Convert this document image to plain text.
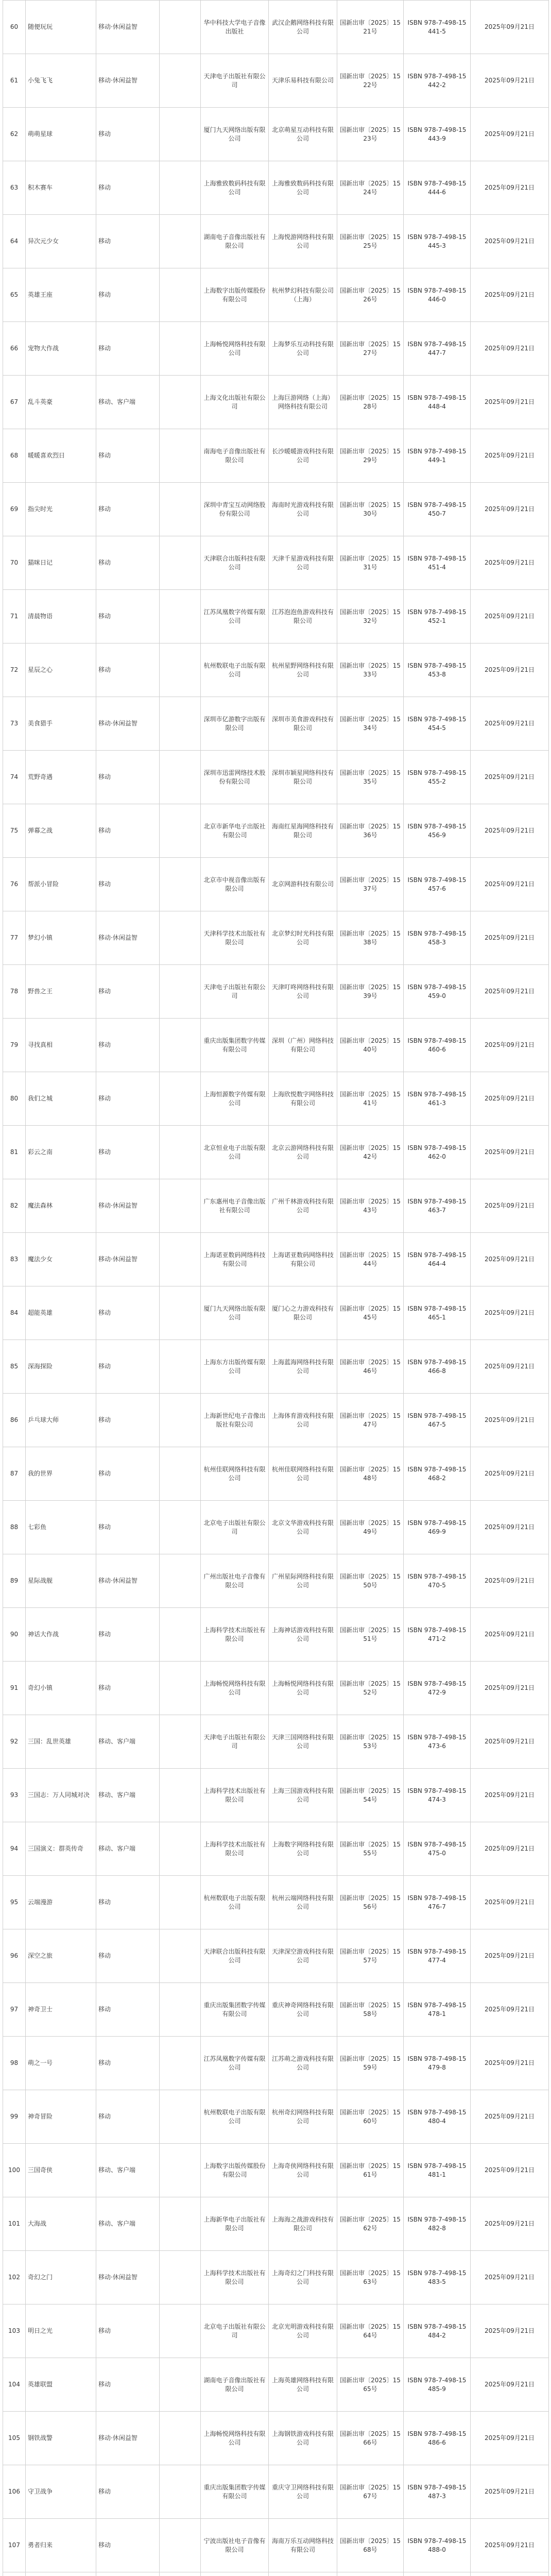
60	随便玩玩	移动·休闲益智		华中科技大学电子音像出版社	武汉企鹅网络科技有限公司	国新出审〔2025〕1521号	ISBN 978-7-498-15441-5	2025年09月21日
61	小兔飞飞	移动·休闲益智		天津电子出版社有限公司	天津乐易科技有限公司	国新出审〔2025〕1522号	ISBN 978-7-498-15442-2	2025年09月21日
62	萌萌星球	移动		厦门九天网络出版有限公司	北京萌星互动科技有限公司	国新出审〔2025〕1523号	ISBN 978-7-498-15443-9	2025年09月21日
63	积木赛车	移动		上海雅致数码科技有限公司	上海雅致数码科技有限公司	国新出审〔2025〕1524号	ISBN 978-7-498-15444-6	2025年09月21日
64	异次元少女	移动		湖南电子音像出版社有限公司	上海悦游网络科技有限公司	国新出审〔2025〕1525号	ISBN 978-7-498-15445-3	2025年09月21日
65	英雄王座	移动		上海数字出版传媒股份有限公司	杭州梦幻科技有限公司（上海）	国新出审〔2025〕1526号	ISBN 978-7-498-15446-0	2025年09月21日
66	宠物大作战	移动		上海畅悦网络科技有限公司	上海梦乐互动科技有限公司	国新出审〔2025〕1527号	ISBN 978-7-498-15447-7	2025年09月21日
67	乱斗英豪	移动、客户端		上海文化出版社有限公司	上海巨游网络（上海）网络科技有限公司	国新出审〔2025〕1528号	ISBN 978-7-498-15448-4	2025年09月21日
68	暖暖喜欢烈日	移动		南海电子音像出版社有限公司	长沙暖暖游戏科技有限公司	国新出审〔2025〕1529号	ISBN 978-7-498-15449-1	2025年09月21日
69	指尖时光	移动		深圳中青宝互动网络股份有限公司	海南时光游戏科技有限公司	国新出审〔2025〕1530号	ISBN 978-7-498-15450-7	2025年09月21日
70	猫咪日记	移动		天津联合出版科技有限公司	天津千星游戏科技有限公司	国新出审〔2025〕1531号	ISBN 978-7-498-15451-4	2025年09月21日
71	清晨物语	移动		江苏凤凰数字传媒有限公司	江苏泡泡鱼游戏科技有限公司	国新出审〔2025〕1532号	ISBN 978-7-498-15452-1	2025年09月21日
72	星辰之心	移动		杭州数联电子出版有限公司	杭州星野网络科技有限公司	国新出审〔2025〕1533号	ISBN 978-7-498-15453-8	2025年09月21日
73	美食猎手	移动·休闲益智		深圳市亿游数字出版有限公司	深圳市美食游戏科技有限公司	国新出审〔2025〕1534号	ISBN 978-7-498-15454-5	2025年09月21日
74	荒野奇遇	移动		深圳市迅雷网络技术股份有限公司	深圳市颖星网络科技有限公司	国新出审〔2025〕1535号	ISBN 978-7-498-15455-2	2025年09月21日
75	弹幕之战	移动		北京市新华电子出版社有限公司	海南红星海网络科技有限公司	国新出审〔2025〕1536号	ISBN 978-7-498-15456-9	2025年09月21日
76	帮派小冒险	移动		北京市中视音像出版有限公司	北京网游科技有限公司	国新出审〔2025〕1537号	ISBN 978-7-498-15457-6	2025年09月21日
77	梦幻小镇	移动·休闲益智		天津科学技术出版社有限公司	北京梦幻时光科技有限公司	国新出审〔2025〕1538号	ISBN 978-7-498-15458-3	2025年09月21日
78	野兽之王	移动		天津电子出版社有限公司	天津叮咚网络科技有限公司	国新出审〔2025〕1539号	ISBN 978-7-498-15459-0	2025年09月21日
79	寻找真相	移动		重庆出版集团数字传媒有限公司	深圳（广州）网络科技有限公司	国新出审〔2025〕1540号	ISBN 978-7-498-15460-6	2025年09月21日
80	我们之城	移动		上海恒源数字传媒有限公司	上海欣悦数字网络科技有限公司	国新出审〔2025〕1541号	ISBN 978-7-498-15461-3	2025年09月21日
81	彩云之南	移动		北京恒业电子出版有限公司	北京云游网络科技有限公司	国新出审〔2025〕1542号	ISBN 978-7-498-15462-0	2025年09月21日
82	魔法森林	移动·休闲益智		广东惠州电子音像出版社有限公司	广州千林游戏科技有限公司	国新出审〔2025〕1543号	ISBN 978-7-498-15463-7	2025年09月21日
83	魔法少女	移动·休闲益智		上海诺亚数码网络科技有限公司	上海诺亚数码网络科技有限公司	国新出审〔2025〕1544号	ISBN 978-7-498-15464-4	2025年09月21日
84	超能英雄	移动		厦门九天网络出版有限公司	厦门心之力游戏科技有限公司	国新出审〔2025〕1545号	ISBN 978-7-498-15465-1	2025年09月21日
85	深海探险	移动		上海东方出版传媒有限公司	上海蓝海网络科技有限公司	国新出审〔2025〕1546号	ISBN 978-7-498-15466-8	2025年09月21日
86	乒乓球大师	移动		上海新世纪电子音像出版社有限公司	上海体育游戏科技有限公司	国新出审〔2025〕1547号	ISBN 978-7-498-15467-5	2025年09月21日
87	我的世界	移动		杭州佳联网络科技有限公司	杭州佳联网络科技有限公司	国新出审〔2025〕1548号	ISBN 978-7-498-15468-2	2025年09月21日
88	七彩鱼	移动		北京电子出版社有限公司	北京文华游戏科技有限公司	国新出审〔2025〕1549号	ISBN 978-7-498-15469-9	2025年09月21日
89	星际战舰	移动·休闲益智		广州出版社电子音像有限公司	广州星际网络科技有限公司	国新出审〔2025〕1550号	ISBN 978-7-498-15470-5	2025年09月21日
90	神话大作战	移动		上海科学技术出版社有限公司	上海神话游戏科技有限公司	国新出审〔2025〕1551号	ISBN 978-7-498-15471-2	2025年09月21日
91	奇幻小镇	移动		上海畅悦网络科技有限公司	上海畅悦网络科技有限公司	国新出审〔2025〕1552号	ISBN 978-7-498-15472-9	2025年09月21日
92	三国：乱世英雄	移动、客户端		天津电子出版社有限公司	天津三国网络科技有限公司	国新出审〔2025〕1553号	ISBN 978-7-498-15473-6	2025年09月21日
93	三国志：万人同城对决	移动、客户端		上海科学技术出版社有限公司	上海三国游戏科技有限公司	国新出审〔2025〕1554号	ISBN 978-7-498-15474-3	2025年09月21日
94	三国演义：群英传奇	移动、客户端		上海科学技术出版社有限公司	上海数字网络科技有限公司	国新出审〔2025〕1555号	ISBN 978-7-498-15475-0	2025年09月21日
95	云端漫游	移动		杭州数联电子出版有限公司	杭州云端网络科技有限公司	国新出审〔2025〕1556号	ISBN 978-7-498-15476-7	2025年09月21日
96	深空之旅	移动		天津联合出版科技有限公司	天津深空游戏科技有限公司	国新出审〔2025〕1557号	ISBN 978-7-498-15477-4	2025年09月21日
97	神奇卫士	移动		重庆出版集团数字传媒有限公司	重庆神奇网络科技有限公司	国新出审〔2025〕1558号	ISBN 978-7-498-15478-1	2025年09月21日
98	萌之一号	移动		江苏凤凰数字传媒有限公司	江苏萌之游戏科技有限公司	国新出审〔2025〕1559号	ISBN 978-7-498-15479-8	2025年09月21日
99	神奇冒险	移动		杭州数联电子出版有限公司	杭州奇幻网络科技有限公司	国新出审〔2025〕1560号	ISBN 978-7-498-15480-4	2025年09月21日
100	三国奇侠	移动、客户端		上海数字出版传媒股份有限公司	上海奇侠网络科技有限公司	国新出审〔2025〕1561号	ISBN 978-7-498-15481-1	2025年09月21日
101	大海战	移动、客户端		上海新华电子出版社有限公司	上海海之战游戏科技有限公司	国新出审〔2025〕1562号	ISBN 978-7-498-15482-8	2025年09月21日
102	奇幻之门	移动·休闲益智		上海科学技术出版社有限公司	上海奇幻之门科技有限公司	国新出审〔2025〕1563号	ISBN 978-7-498-15483-5	2025年09月21日
103	明日之光	移动		北京电子出版社有限公司	北京光明游戏科技有限公司	国新出审〔2025〕1564号	ISBN 978-7-498-15484-2	2025年09月21日
104	英雄联盟	移动		湖南电子音像出版社有限公司	上海英雄网络科技有限公司	国新出审〔2025〕1565号	ISBN 978-7-498-15485-9	2025年09月21日
105	钢铁战警	移动·休闲益智		上海畅悦网络科技有限公司	上海钢铁游戏科技有限公司	国新出审〔2025〕1566号	ISBN 978-7-498-15486-6	2025年09月21日
106	守卫战争	移动		重庆出版集团数字传媒有限公司	重庆守卫网络科技有限公司	国新出审〔2025〕1567号	ISBN 978-7-498-15487-3	2025年09月21日
107	勇者归来	移动		宁波出版社电子音像有限公司	海南万乐互动网络科技有限公司	国新出审〔2025〕1568号	ISBN 978-7-498-15488-0	2025年09月21日
